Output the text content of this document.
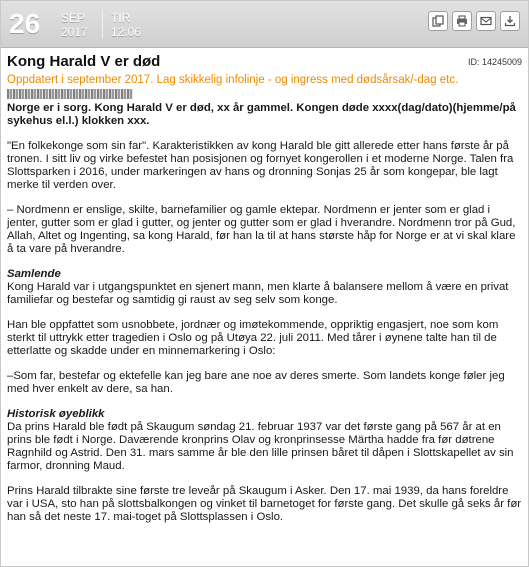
26 SEP
2017
TIR
12:06
Kong Harald V er død	ID: 14245009
Oppdatert i september 2017. Lag skikkelig infolinje - og ingress med dødsårsak/-dag etc.

Norge er i sorg. Kong Harald V er død, xx år gammel. Kongen døde xxxx(dag/dato)(hjemme/på sykehus el.l.) klokken xxx.

"En folkekonge som sin far". Karakteristikken av kong Harald ble gitt allerede etter hans første år på tronen. I sitt liv og virke befestet han posisjonen og fornyet kongerollen i et moderne Norge. Talen fra Slottsparken i 2016, under markeringen av hans og dronning Sonjas 25 år som kongepar, ble lagt merke til verden over.

– Nordmenn er enslige, skilte, barnefamilier og gamle ektepar. Nordmenn er jenter som er glad i jenter, gutter som er glad i gutter, og jenter og gutter som er glad i hverandre. Nordmenn tror på Gud, Allah, Altet og Ingenting, sa kong Harald, før han la til at hans største håp for Norge er at vi skal klare å ta vare på hverandre.

Samlende

Kong Harald var i utgangspunktet en sjenert mann, men klarte å balansere mellom å være en privat familiefar og bestefar og samtidig gi raust av seg selv som konge.

Han ble oppfattet som usnobbete, jordnær og imøtekommende, oppriktig engasjert, noe som kom sterkt til uttrykk etter tragedien i Oslo og på Utøya 22. juli 2011. Med tårer i øynene talte han til de etterlatte og skadde under en minnemarkering i Oslo:

–Som far, bestefar og ektefelle kan jeg bare ane noe av deres smerte. Som landets konge føler jeg med hver enkelt av dere, sa han.

Historisk øyeblikk

Da prins Harald ble født på Skaugum søndag 21. februar 1937 var det første gang på 567 år at en prins ble født i Norge. Daværende kronprins Olav og kronprinsesse Märtha hadde fra før døtrene Ragnhild og Astrid. Den 31. mars samme år ble den lille prinsen båret til dåpen i Slottskapellet av sin farmor, dronning Maud.

Prins Harald tilbrakte sine første tre leveår på Skaugum i Asker. Den 17. mai 1939, da hans foreldre var i USA, sto han på slottsbalkongen og vinket til barnetoget for første gang. Det skulle gå seks år før han så det neste 17. mai-toget på Slottsplassen i Oslo.
